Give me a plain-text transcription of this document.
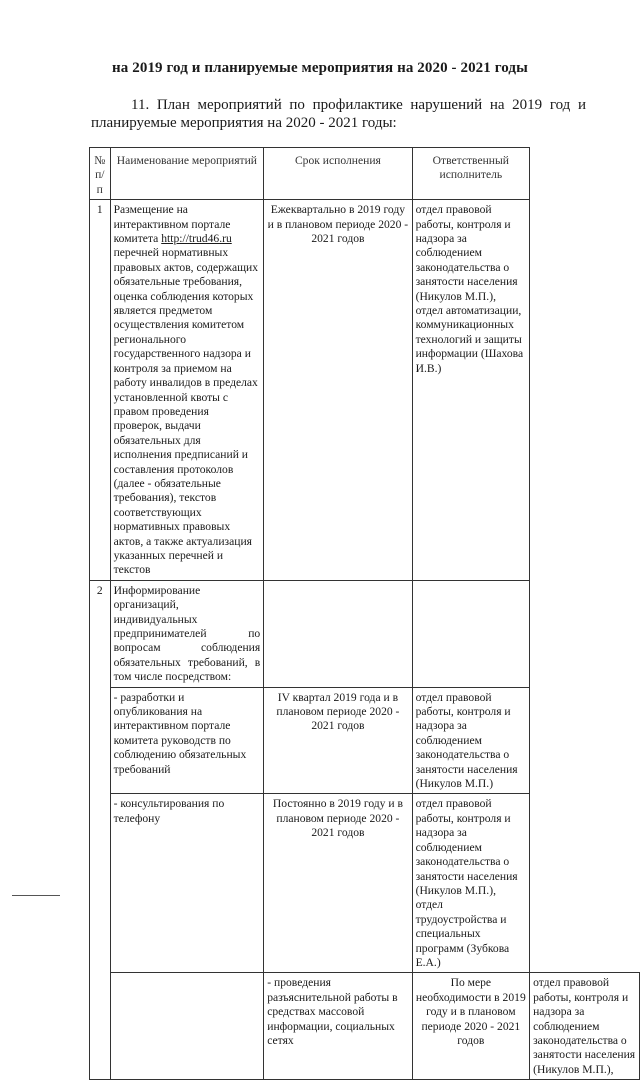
на 2019 год и планируемые мероприятия на 2020 - 2021 годы
11. План мероприятий по профилактике нарушений на 2019 год и планируемые мероприятия на 2020 - 2021 годы:
№ п/п	Наименование мероприятий	Срок исполнения	Ответственный исполнитель	
1	Размещение на интерактивном портале комитета http://trud46.ru перечней нормативных правовых актов, содержащих обязательные требования, оценка соблюдения которых является предметом осуществления комитетом регионального государственного надзора и контроля за приемом на работу инвалидов в пределах установленной квоты с правом проведения проверок, выдачи обязательных для исполнения предписаний и составления протоколов (далее - обязательные требования), текстов соответствующих нормативных правовых актов, а также актуализация указанных перечней и текстов	Ежеквартально в 2019 году и в плановом периоде 2020 - 2021 годов	отдел правовой работы, контроля и надзора за соблюдением законодательства о занятости населения (Никулов М.П.),
отдел автоматизации, коммуникационных технологий и защиты информации (Шахова И.В.)	

2	Информирование организаций, индивидуальных предпринимателей по вопросам соблюдения обязательных требований, в том числе посредством:			
	- разработки и опубликования на интерактивном портале комитета руководств по соблюдению обязательных требований	IV квартал 2019 года и в плановом периоде 2020 - 2021 годов	отдел правовой работы, контроля и надзора за соблюдением законодательства о занятости населения (Никулов М.П.)	
	- консультирования по телефону	Постоянно в 2019 году и в плановом периоде 2020 - 2021 годов	отдел правовой работы, контроля и надзора за соблюдением законодательства о занятости населения (Никулов М.П.),
отдел трудоустройства и специальных программ (Зубкова Е.А.)	

		- проведения разъяснительной работы в средствах массовой информации, социальных сетях	По мере необходимости в 2019 году и в плановом периоде 2020 - 2021 годов	отдел правовой работы, контроля и надзора за соблюдением законодательства о занятости населения (Никулов М.П.),
